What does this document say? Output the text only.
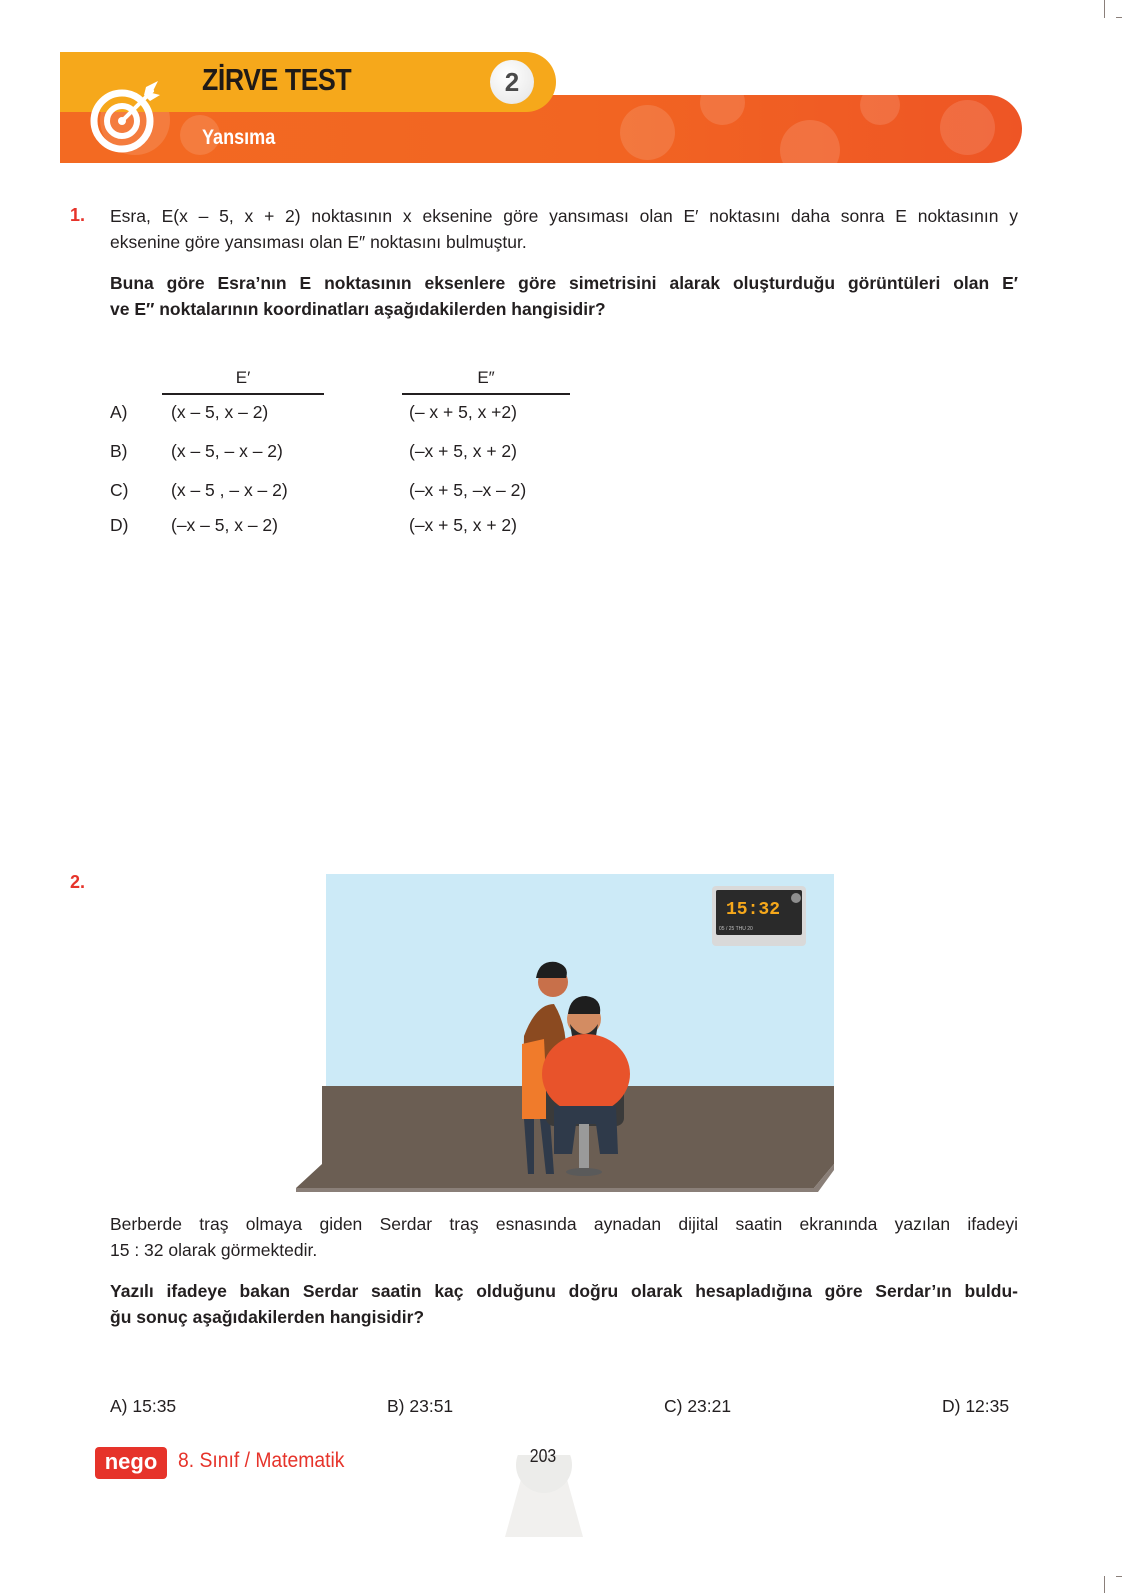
ZİRVE TEST	2
Yansıma
1. Esra, E(x – 5, x + 2) noktasının x eksenine göre yansıması olan E′ noktasını daha sonra E noktasının y
eksenine göre yansıması olan E″ noktasını bulmuştur.
Buna göre Esra’nın E noktasının eksenlere göre simetrisini alarak oluşturduğu görüntüleri olan E′
ve E″ noktalarının koordinatları aşağıdakilerden hangisidir?
E′	E″
A) (x – 5, x – 2)	(– x + 5, x +2)
B) (x – 5, – x – 2)	(–x + 5, x + 2)
C) (x – 5 , – x – 2)	(–x + 5, –x – 2)
D) (–x – 5, x – 2)	(–x + 5, x + 2)
2.
15:32
05 / 25 THU 20
Berberde traş olmaya giden Serdar traş esnasında aynadan dijital saatin ekranında yazılan ifadeyi
15 : 32 olarak görmektedir.
Yazılı ifadeye bakan Serdar saatin kaç olduğunu doğru olarak hesapladığına göre Serdar’ın buldu-
ğu sonuç aşağıdakilerden hangisidir?
A) 15:35	B) 23:51	C) 23:21	D) 12:35
nego 8. Sınıf / Matematik	203
